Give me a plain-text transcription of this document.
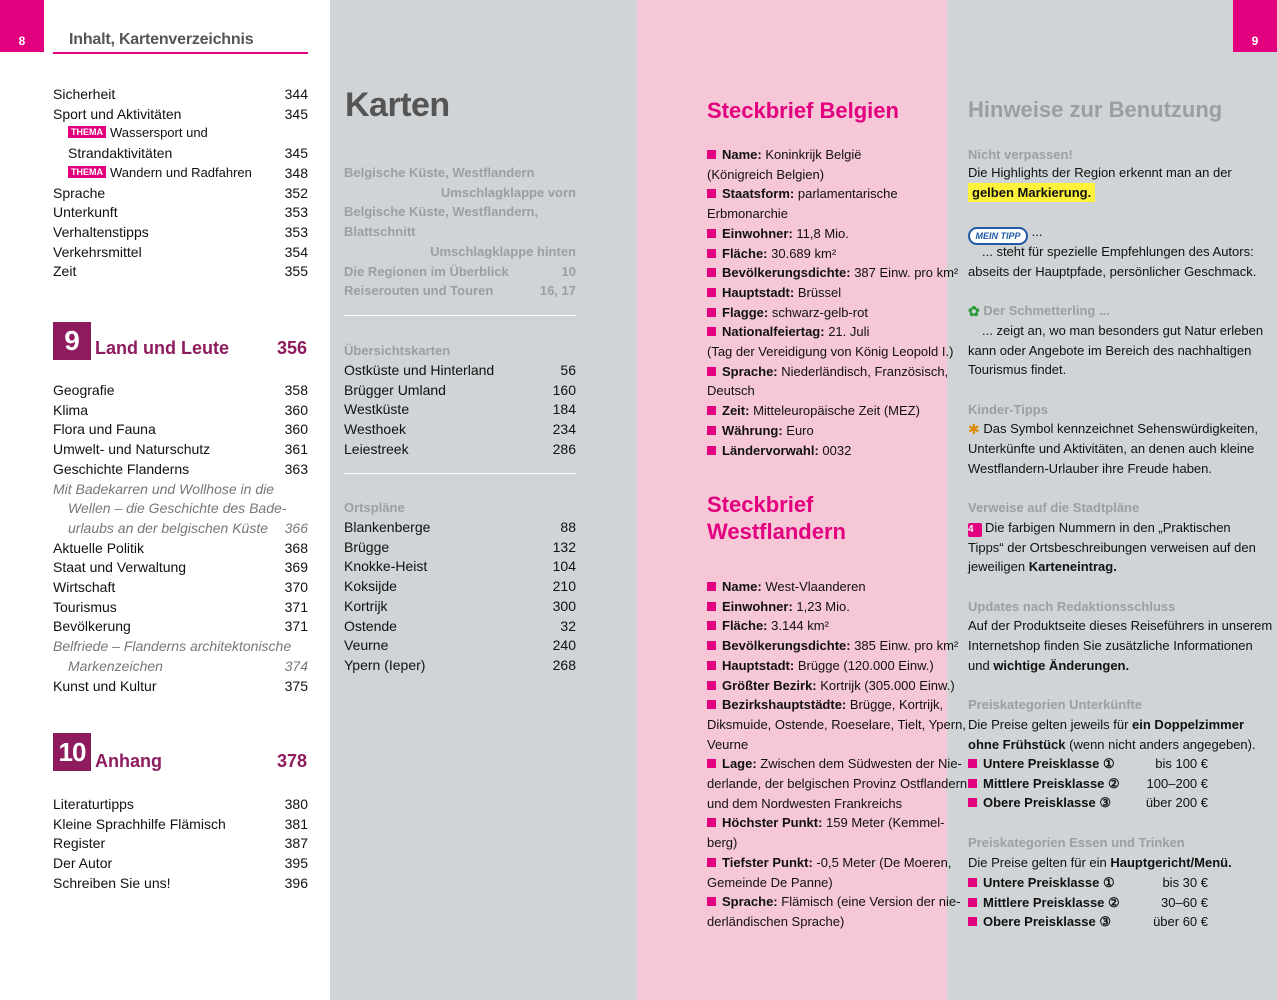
8	Inhalt, Kartenverzeichnis
Sicherheit	344
Sport und Aktivitäten	345
THEMA Wassersport und
Strandaktivitäten	345
THEMA Wandern und Radfahren 348
Sprache	352
Unterkunft	353
Verhaltenstipps	353
Verkehrsmittel	354
Zeit	355
9 Land und Leute	356
Geografie	358
Klima	360
Flora und Fauna	360
Umwelt- und Naturschutz	361
Geschichte Flanderns	363
Mit Badekarren und Wollhose in die
Wellen – die Geschichte des Bade-
urlaubs an der belgischen Küste 366
Aktuelle Politik	368
Staat und Verwaltung	369
Wirtschaft	370
Tourismus	371
Bevölkerung	371
Belfriede – Flanderns architektonische
Markenzeichen	374
Kunst und Kultur	375
10 Anhang	378
Literaturtipps	380
Kleine Sprachhilfe Flämisch	381
Register	387
Der Autor	395
Schreiben Sie uns!	396
Karten
Belgische Küste, Westflandern
Umschlagklappe vorn
Belgische Küste, Westflandern,
Blattschnitt
Umschlagklappe hinten
Die Regionen im Überblick	10
Reiserouten und Touren	16, 17
Übersichtskarten
Ostküste und Hinterland	56
Brügger Umland	160
Westküste	184
Westhoek	234
Leiestreek	286
Ortspläne
Blankenberge	88
Brügge	132
Knokke-Heist	104
Koksijde	210
Kortrijk	300
Ostende	32
Veurne	240
Ypern (Ieper)	268
Steckbrief Belgien
Name: Koninkrijk België
(Königreich Belgien)
Staatsform: parlamentarische
Erbmonarchie
Einwohner: 11,8 Mio.
Fläche: 30.689 km²
Bevölkerungsdichte: 387 Einw. pro km²
Hauptstadt: Brüssel
Flagge: schwarz-gelb-rot
Nationalfeiertag: 21. Juli
(Tag der Vereidigung von König Leopold I.)
Sprache: Niederländisch, Französisch,
Deutsch
Zeit: Mitteleuropäische Zeit (MEZ)
Währung: Euro
Ländervorwahl: 0032
Steckbrief
Westflandern
Name: West-Vlaanderen
Einwohner: 1,23 Mio.
Fläche: 3.144 km²
Bevölkerungsdichte: 385 Einw. pro km²
Hauptstadt: Brügge (120.000 Einw.)
Größter Bezirk: Kortrijk (305.000 Einw.)
Bezirkshauptstädte: Brügge, Kortrijk,
Diksmuide, Ostende, Roeselare, Tielt, Ypern,
Veurne
Lage: Zwischen dem Südwesten der Nie-
derlande, der belgischen Provinz Ostflandern
und dem Nordwesten Frankreichs
Höchster Punkt: 159 Meter (Kemmel-
berg)
Tiefster Punkt: -0,5 Meter (De Moeren,
Gemeinde De Panne)
Sprache: Flämisch (eine Version der nie-
derländischen Sprache)
9
Hinweise zur Benutzung
Nicht verpassen!
Die Highlights der Region erkennt man an der
gelben Markierung.
MEIN TIPP ...
... steht für spezielle Empfehlungen des Autors:
abseits der Hauptpfade, persönlicher Geschmack.
✿ Der Schmetterling ...
... zeigt an, wo man besonders gut Natur erleben
kann oder Angebote im Bereich des nachhaltigen
Tourismus findet.
Kinder-Tipps
✱ Das Symbol kennzeichnet Sehenswürdigkeiten,
Unterkünfte und Aktivitäten, an denen auch kleine
Westflandern-Urlauber ihre Freude haben.
Verweise auf die Stadtpläne
4 Die farbigen Nummern in den „Praktischen
Tipps“ der Ortsbeschreibungen verweisen auf den
jeweiligen Karteneintrag.
Updates nach Redaktionsschluss
Auf der Produktseite dieses Reiseführers in unserem
Internetshop finden Sie zusätzliche Informationen
und wichtige Änderungen.
Preiskategorien Unterkünfte
Die Preise gelten jeweils für ein Doppelzimmer
ohne Frühstück (wenn nicht anders angegeben).
Untere Preisklasse ①	bis 100 €
Mittlere Preisklasse ② 100–200 €
Obere Preisklasse ③	über 200 €
Preiskategorien Essen und Trinken
Die Preise gelten für ein Hauptgericht/Menü.
Untere Preisklasse ①	bis 30 €
Mittlere Preisklasse ②	30–60 €
Obere Preisklasse ③	über 60 €
